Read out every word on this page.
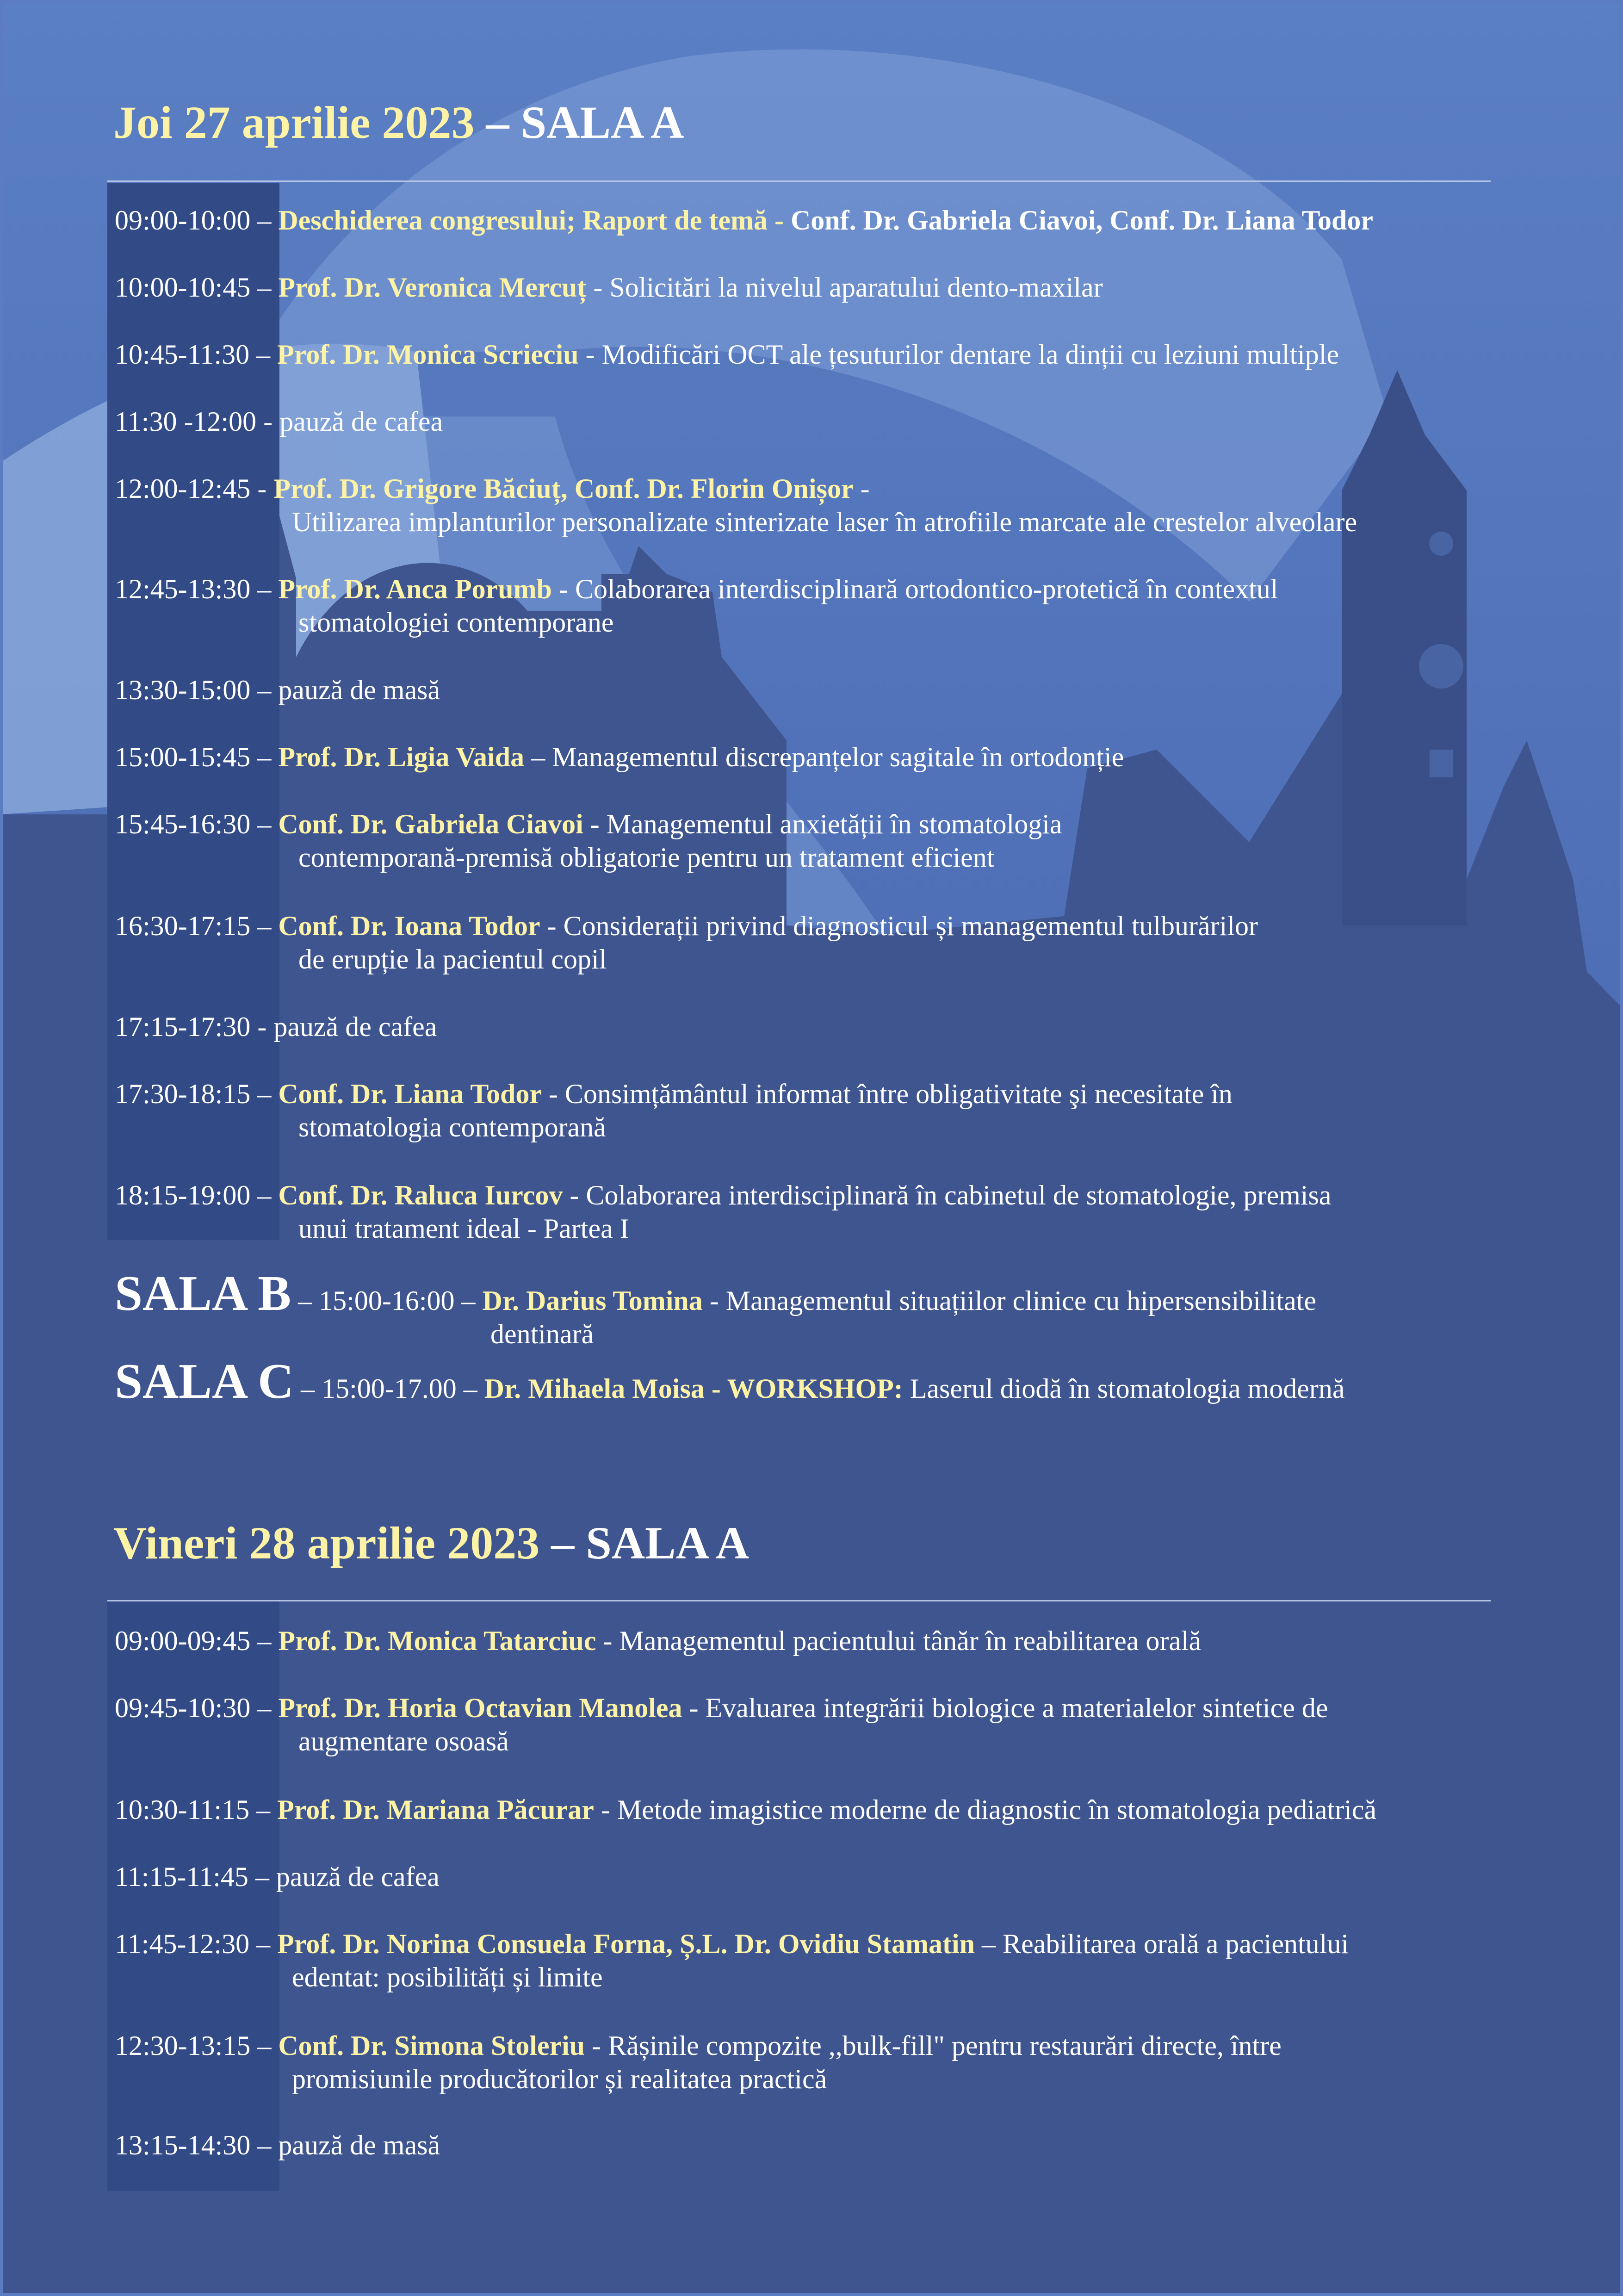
Joi 27 aprilie 2023 – SALA A
09:00-10:00 – Deschiderea congresului; Raport de temă - Conf. Dr. Gabriela Ciavoi, Conf. Dr. Liana Todor
10:00-10:45 – Prof. Dr. Veronica Mercuț - Solicitări la nivelul aparatului dento-maxilar
10:45-11:30 – Prof. Dr. Monica Scrieciu - Modificări OCT ale țesuturilor dentare la dinții cu leziuni multiple
11:30 -12:00 - pauză de cafea
12:00-12:45 - Prof. Dr. Grigore Băciuț, Conf. Dr. Florin Onișor -
Utilizarea implanturilor personalizate sinterizate laser în atrofiile marcate ale crestelor alveolare
12:45-13:30 – Prof. Dr. Anca Porumb - Colaborarea interdisciplinară ortodontico-protetică în contextul
stomatologiei contemporane
13:30-15:00 – pauză de masă
15:00-15:45 – Prof. Dr. Ligia Vaida – Managementul discrepanțelor sagitale în ortodonție
15:45-16:30 – Conf. Dr. Gabriela Ciavoi - Managementul anxietății în stomatologia
contemporană-premisă obligatorie pentru un tratament eficient
16:30-17:15 – Conf. Dr. Ioana Todor - Considerații privind diagnosticul și managementul tulburărilor
de erupție la pacientul copil
17:15-17:30 - pauză de cafea
17:30-18:15 – Conf. Dr. Liana Todor - Consimțământul informat între obligativitate şi necesitate în
stomatologia contemporană
18:15-19:00 – Conf. Dr. Raluca Iurcov - Colaborarea interdisciplinară în cabinetul de stomatologie, premisa
unui tratament ideal - Partea I
SALA B – 15:00-16:00 – Dr. Darius Tomina - Managementul situațiilor clinice cu hipersensibilitate
dentinară
SALA C – 15:00-17.00 – Dr. Mihaela Moisa - WORKSHOP: Laserul diodă în stomatologia modernă
Vineri 28 aprilie 2023 – SALA A
09:00-09:45 – Prof. Dr. Monica Tatarciuc - Managementul pacientului tânăr în reabilitarea orală
09:45-10:30 – Prof. Dr. Horia Octavian Manolea - Evaluarea integrării biologice a materialelor sintetice de
augmentare osoasă
10:30-11:15 – Prof. Dr. Mariana Păcurar - Metode imagistice moderne de diagnostic în stomatologia pediatrică
11:15-11:45 – pauză de cafea
11:45-12:30 – Prof. Dr. Norina Consuela Forna, Ș.L. Dr. Ovidiu Stamatin – Reabilitarea orală a pacientului
edentat: posibilități și limite
12:30-13:15 – Conf. Dr. Simona Stoleriu - Rășinile compozite ,,bulk-fill" pentru restaurări directe, între
promisiunile producătorilor și realitatea practică
13:15-14:30 – pauză de masă
